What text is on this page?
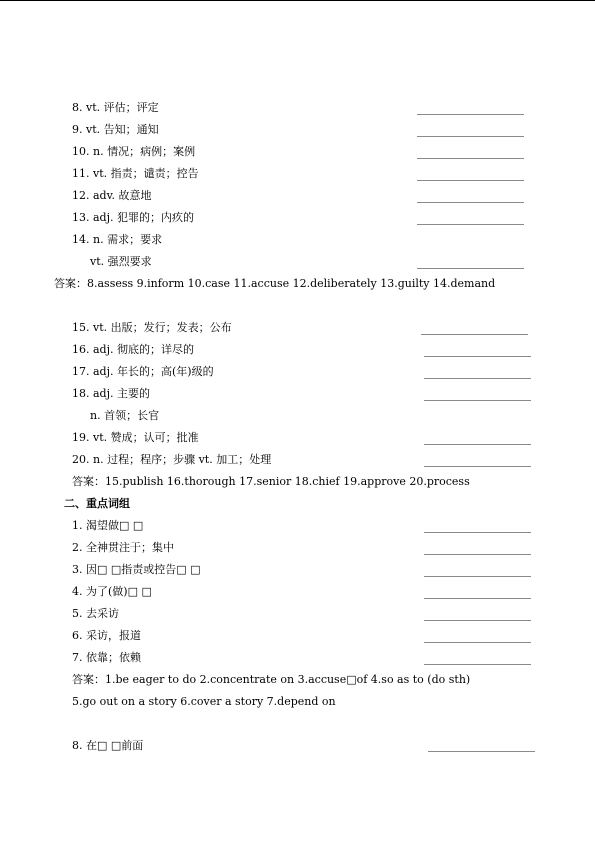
8. vt. 评估；评定
9. vt. 告知；通知
10. n. 情况；病例；案例
11. vt. 指责；谴责；控告
12. adv. 故意地
13. adj. 犯罪的；内疚的
14. n. 需求；要求
vt. 强烈要求
答案：8.assess 9.inform 10.case 11.accuse 12.deliberately 13.guilty 14.demand
15. vt. 出版；发行；发表；公布
16. adj. 彻底的；详尽的
17. adj. 年长的；高(年)级的
18. adj. 主要的
n. 首领；长官
19. vt. 赞成；认可；批准
20. n. 过程；程序；步骤 vt. 加工；处理
答案：15.publish 16.thorough 17.senior 18.chief 19.approve 20.process
二、重点词组
1. 渴望做□ □
2. 全神贯注于；集中
3. 因□ □指责或控告□ □
4. 为了(做)□ □
5. 去采访
6. 采访，报道
7. 依靠；依赖
答案：1.be eager to do 2.concentrate on 3.accuse□of 4.so as to (do sth)
5.go out on a story 6.cover a story 7.depend on
8. 在□ □前面
